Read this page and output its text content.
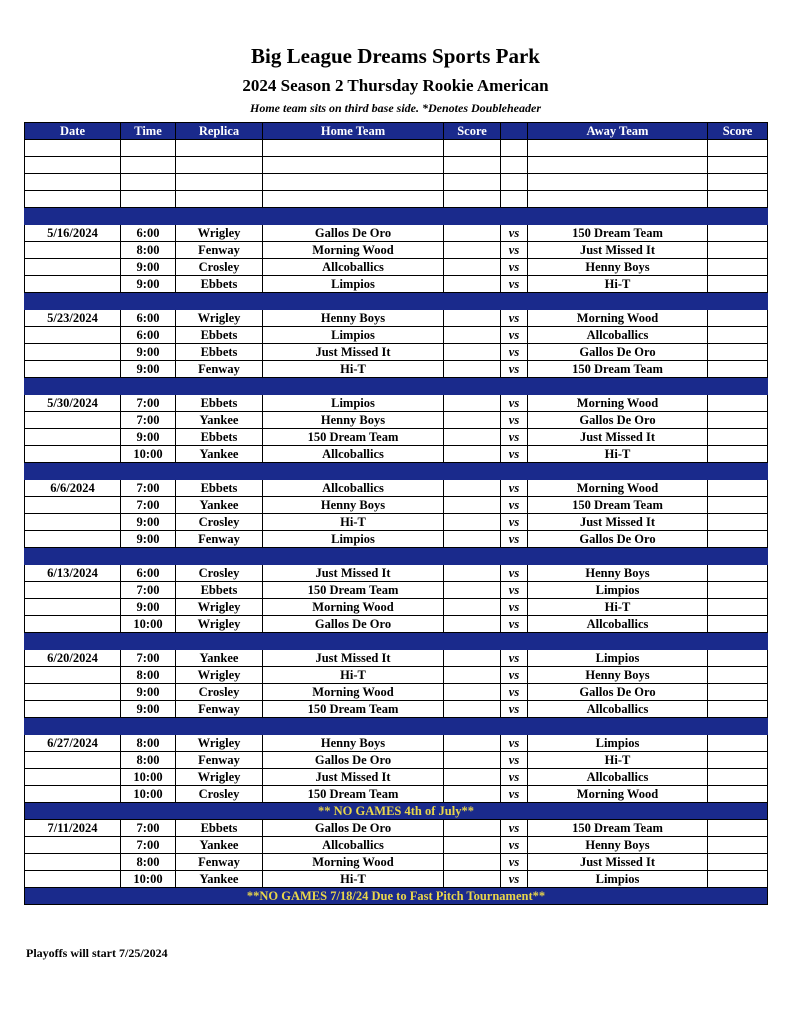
Big League Dreams Sports Park
2024 Season 2 Thursday Rookie American
Home team sits on third base side. *Denotes Doubleheader
Date	Time	Replica	Home Team	Score		Away Team	Score

5/16/2024	6:00	Wrigley	Gallos De Oro		vs	150 Dream Team	
	8:00	Fenway	Morning Wood		vs	Just Missed It	
	9:00	Crosley	Allcoballics		vs	Henny Boys	
	9:00	Ebbets	Limpios		vs	Hi-T	

5/23/2024	6:00	Wrigley	Henny Boys		vs	Morning Wood	
	6:00	Ebbets	Limpios		vs	Allcoballics	
	9:00	Ebbets	Just Missed It		vs	Gallos De Oro	
	9:00	Fenway	Hi-T		vs	150 Dream Team	

5/30/2024	7:00	Ebbets	Limpios		vs	Morning Wood	
	7:00	Yankee	Henny Boys		vs	Gallos De Oro	
	9:00	Ebbets	150 Dream Team		vs	Just Missed It	
	10:00	Yankee	Allcoballics		vs	Hi-T	

6/6/2024	7:00	Ebbets	Allcoballics		vs	Morning Wood	
	7:00	Yankee	Henny Boys		vs	150 Dream Team	
	9:00	Crosley	Hi-T		vs	Just Missed It	
	9:00	Fenway	Limpios		vs	Gallos De Oro	

6/13/2024	6:00	Crosley	Just Missed It		vs	Henny Boys	
	7:00	Ebbets	150 Dream Team		vs	Limpios	
	9:00	Wrigley	Morning Wood		vs	Hi-T	
	10:00	Wrigley	Gallos De Oro		vs	Allcoballics	

6/20/2024	7:00	Yankee	Just Missed It		vs	Limpios	
	8:00	Wrigley	Hi-T		vs	Henny Boys	
	9:00	Crosley	Morning Wood		vs	Gallos De Oro	
	9:00	Fenway	150 Dream Team		vs	Allcoballics	

6/27/2024	8:00	Wrigley	Henny Boys		vs	Limpios	
	8:00	Fenway	Gallos De Oro		vs	Hi-T	
	10:00	Wrigley	Just Missed It		vs	Allcoballics	
	10:00	Crosley	150 Dream Team		vs	Morning Wood	
** NO GAMES 4th of July**							
7/11/2024	7:00	Ebbets	Gallos De Oro		vs	150 Dream Team	
	7:00	Yankee	Allcoballics		vs	Henny Boys	
	8:00	Fenway	Morning Wood		vs	Just Missed It	
	10:00	Yankee	Hi-T		vs	Limpios	
**NO GAMES 7/18/24 Due to Fast Pitch Tournament**							
Playoffs will start 7/25/2024
